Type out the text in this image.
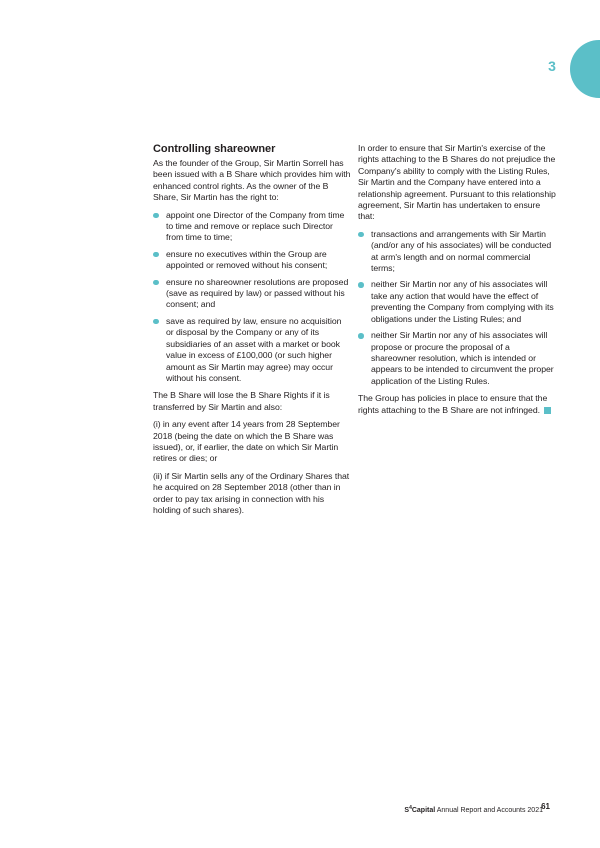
3
Controlling shareowner

As the founder of the Group, Sir Martin Sorrell has been issued with a B Share which provides him with enhanced control rights. As the owner of the B Share, Sir Martin has the right to:

appoint one Director of the Company from time to time and remove or replace such Director from time to time;
ensure no executives within the Group are appointed or removed without his consent;
ensure no shareowner resolutions are proposed (save as required by law) or passed without his consent; and
save as required by law, ensure no acquisition or disposal by the Company or any of its subsidiaries of an asset with a market or book value in excess of £100,000 (or such higher amount as Sir Martin may agree) may occur without his consent.

The B Share will lose the B Share Rights if it is transferred by Sir Martin and also:

(i) in any event after 14 years from 28 September 2018 (being the date on which the B Share was issued), or, if earlier, the date on which Sir Martin retires or dies; or

(ii) if Sir Martin sells any of the Ordinary Shares that he acquired on 28 September 2018 (other than in order to pay tax arising in connection with his holding of such shares).

In order to ensure that Sir Martin's exercise of the rights attaching to the B Shares do not prejudice the Company's ability to comply with the Listing Rules, Sir Martin and the Company have entered into a relationship agreement. Pursuant to this relationship agreement, Sir Martin has undertaken to ensure that:

transactions and arrangements with Sir Martin (and/or any of his associates) will be conducted at arm's length and on normal commercial terms;
neither Sir Martin nor any of his associates will take any action that would have the effect of preventing the Company from complying with its obligations under the Listing Rules; and
neither Sir Martin nor any of his associates will propose or procure the proposal of a shareowner resolution, which is intended or appears to be intended to circumvent the proper application of the Listing Rules.

The Group has policies in place to ensure that the rights attaching to the B Share are not infringed.

$S^4Capital$ Annual Report and Accounts 2021
61
